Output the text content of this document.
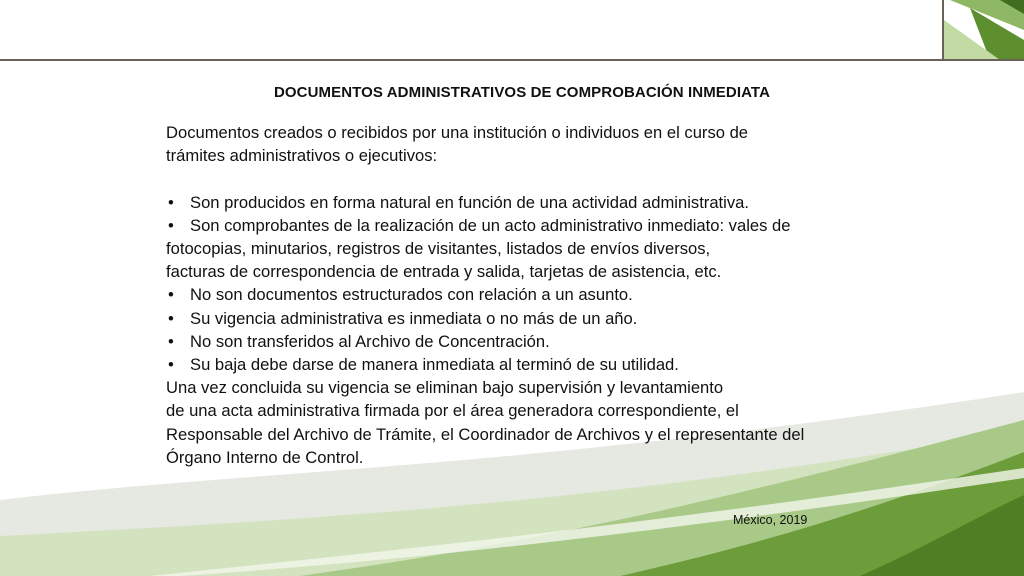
DOCUMENTOS ADMINISTRATIVOS DE COMPROBACIÓN INMEDIATA
Documentos creados o recibidos por una institución o individuos en el curso de
trámites administrativos o ejecutivos:
• Son producidos en forma natural en función de una actividad administrativa.
• Son comprobantes de la realización de un acto administrativo inmediato: vales de
fotocopias, minutarios, registros de visitantes, listados de envíos diversos,
facturas de correspondencia de entrada y salida, tarjetas de asistencia, etc.
• No son documentos estructurados con relación a un asunto.
• Su vigencia administrativa es inmediata o no más de un año.
• No son transferidos al Archivo de Concentración.
• Su baja debe darse de manera inmediata al terminó de su utilidad.
Una vez concluida su vigencia se eliminan bajo supervisión y levantamiento
de una acta administrativa firmada por el área generadora correspondiente, el
Responsable del Archivo de Trámite, el Coordinador de Archivos y el representante del
Órgano Interno de Control.
México, 2019
